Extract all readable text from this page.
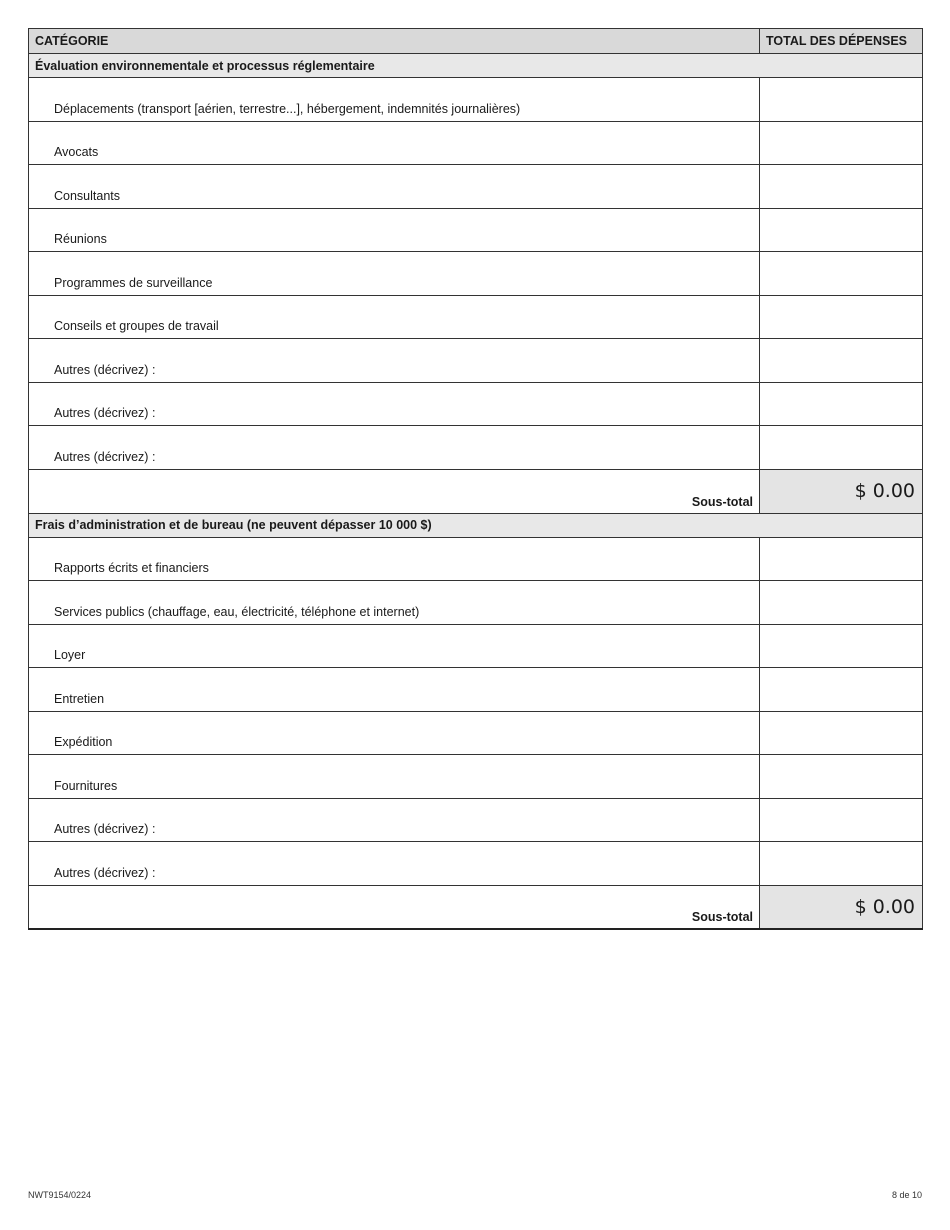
CATÉGORIE	TOTAL DES DÉPENSES
Évaluation environnementale et processus réglementaire	
Déplacements (transport [aérien, terrestre...], hébergement, indemnités journalières)	
Avocats	
Consultants	
Réunions	
Programmes de surveillance	
Conseils et groupes de travail	
Autres (décrivez) :	
Autres (décrivez) :	
Autres (décrivez) :	
Sous-total	$ 0.00
Frais d’administration et de bureau (ne peuvent dépasser 10 000 $)	
Rapports écrits et financiers	
Services publics (chauffage, eau, électricité, téléphone et internet)	
Loyer	
Entretien	
Expédition	
Fournitures	
Autres (décrivez) :	
Autres (décrivez) :	
Sous-total	$ 0.00
NWT9154/0224	8 de 10
